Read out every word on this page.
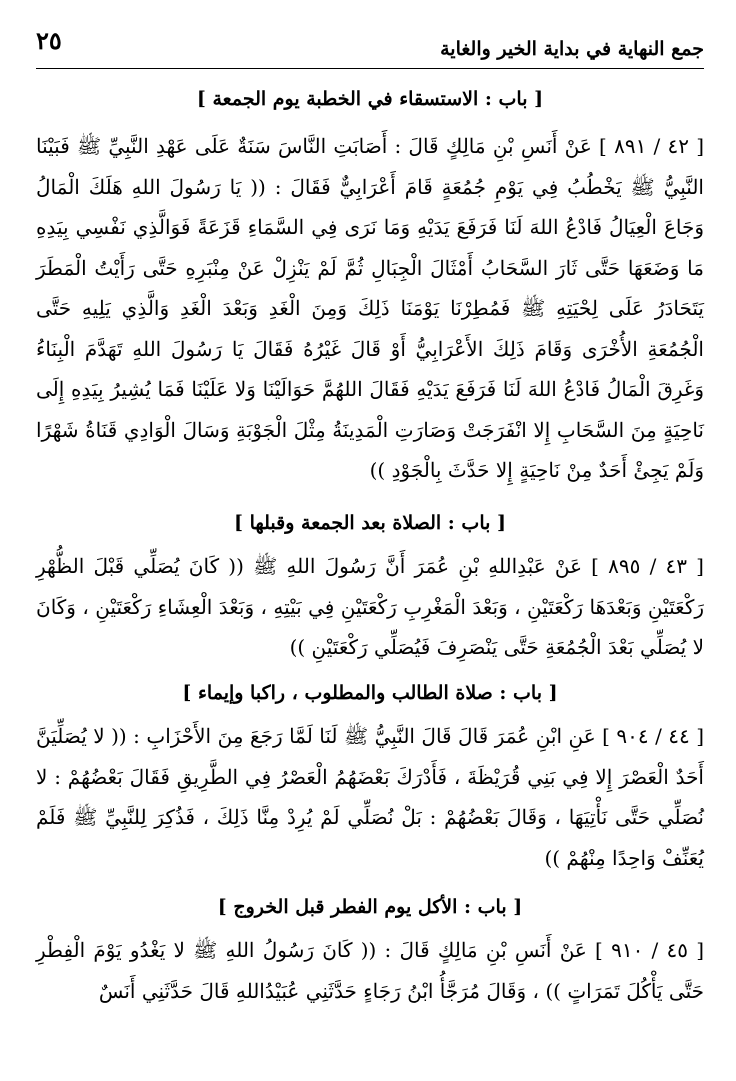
جمع النهاية في بداية الخير والغاية
٢٥
[ باب : الاستسقاء في الخطبة يوم الجمعة ]
[ ٤٢ / ٨٩١ ] عَنْ أَنَسِ بْنِ مَالِكٍ قَالَ : أَصَابَتِ النَّاسَ سَنَةٌ عَلَى عَهْدِ النَّبِيِّ ﷺ فَبَيْنَا النَّبِيُّ ﷺ يَخْطُبُ فِي يَوْمِ جُمُعَةٍ قَامَ أَعْرَابِيٌّ فَقَالَ : (( يَا رَسُولَ اللهِ هَلَكَ الْمَالُ وَجَاعَ الْعِيَالُ فَادْعُ اللهَ لَنَا فَرَفَعَ يَدَيْهِ وَمَا نَرَى فِي السَّمَاءِ قَزَعَةً فَوَالَّذِي نَفْسِي بِيَدِهِ مَا وَضَعَهَا حَتَّى ثَارَ السَّحَابُ أَمْثَالَ الْجِبَالِ ثُمَّ لَمْ يَنْزِلْ عَنْ مِنْبَرِهِ حَتَّى رَأَيْتُ الْمَطَرَ يَتَحَادَرُ عَلَى لِحْيَتِهِ ﷺ فَمُطِرْنَا يَوْمَنَا ذَلِكَ وَمِنَ الْغَدِ وَبَعْدَ الْغَدِ وَالَّذِي يَلِيهِ حَتَّى الْجُمُعَةِ الأُخْرَى وَقَامَ ذَلِكَ الأَعْرَابِيُّ أَوْ قَالَ غَيْرُهُ فَقَالَ يَا رَسُولَ اللهِ تَهَدَّمَ الْبِنَاءُ وَغَرِقَ الْمَالُ فَادْعُ اللهَ لَنَا فَرَفَعَ يَدَيْهِ فَقَالَ اللهُمَّ حَوَالَيْنَا وَلا عَلَيْنَا فَمَا يُشِيرُ بِيَدِهِ إِلَى نَاحِيَةٍ مِنَ السَّحَابِ إِلا انْفَرَجَتْ وَصَارَتِ الْمَدِينَةُ مِثْلَ الْجَوْبَةِ وَسَالَ الْوَادِي قَنَاةُ شَهْرًا وَلَمْ يَجِئْ أَحَدٌ مِنْ نَاحِيَةٍ إِلا حَدَّثَ بِالْجَوْدِ ))
[ باب : الصلاة بعد الجمعة وقبلها ]
[ ٤٣ / ٨٩٥ ] عَنْ عَبْدِاللهِ بْنِ عُمَرَ أَنَّ رَسُولَ اللهِ ﷺ (( كَانَ يُصَلِّي قَبْلَ الظُّهْرِ رَكْعَتَيْنِ وَبَعْدَهَا رَكْعَتَيْنِ ، وَبَعْدَ الْمَغْرِبِ رَكْعَتَيْنِ فِي بَيْتِهِ ، وَبَعْدَ الْعِشَاءِ رَكْعَتَيْنِ ، وَكَانَ لا يُصَلِّي بَعْدَ الْجُمُعَةِ حَتَّى يَنْصَرِفَ فَيُصَلِّي رَكْعَتَيْنِ ))
[ باب : صلاة الطالب والمطلوب ، راكبا وإيماء ]
[ ٤٤ / ٩٠٤ ] عَنِ ابْنِ عُمَرَ قَالَ قَالَ النَّبِيُّ ﷺ لَنَا لَمَّا رَجَعَ مِنَ الأَحْزَابِ : (( لا يُصَلِّيَنَّ أَحَدٌ الْعَصْرَ إِلا فِي بَنِي قُرَيْظَةَ ، فَأَدْرَكَ بَعْضَهُمُ الْعَصْرُ فِي الطَّرِيقِ فَقَالَ بَعْضُهُمْ : لا نُصَلِّي حَتَّى نَأْتِيَهَا ، وَقَالَ بَعْضُهُمْ : بَلْ نُصَلِّي لَمْ يُرِدْ مِنَّا ذَلِكَ ، فَذُكِرَ لِلنَّبِيِّ ﷺ فَلَمْ يُعَنِّفْ وَاحِدًا مِنْهُمْ ))
[ باب : الأكل يوم الفطر قبل الخروج ]
[ ٤٥ / ٩١٠ ] عَنْ أَنَسِ بْنِ مَالِكٍ قَالَ : (( كَانَ رَسُولُ اللهِ ﷺ لا يَغْدُو يَوْمَ الْفِطْرِ حَتَّى يَأْكُلَ تَمَرَاتٍ )) ، وَقَالَ مُرَجَّأُ ابْنُ رَجَاءٍ حَدَّثَنِي عُبَيْدُاللهِ قَالَ حَدَّثَنِي أَنَسٌ
